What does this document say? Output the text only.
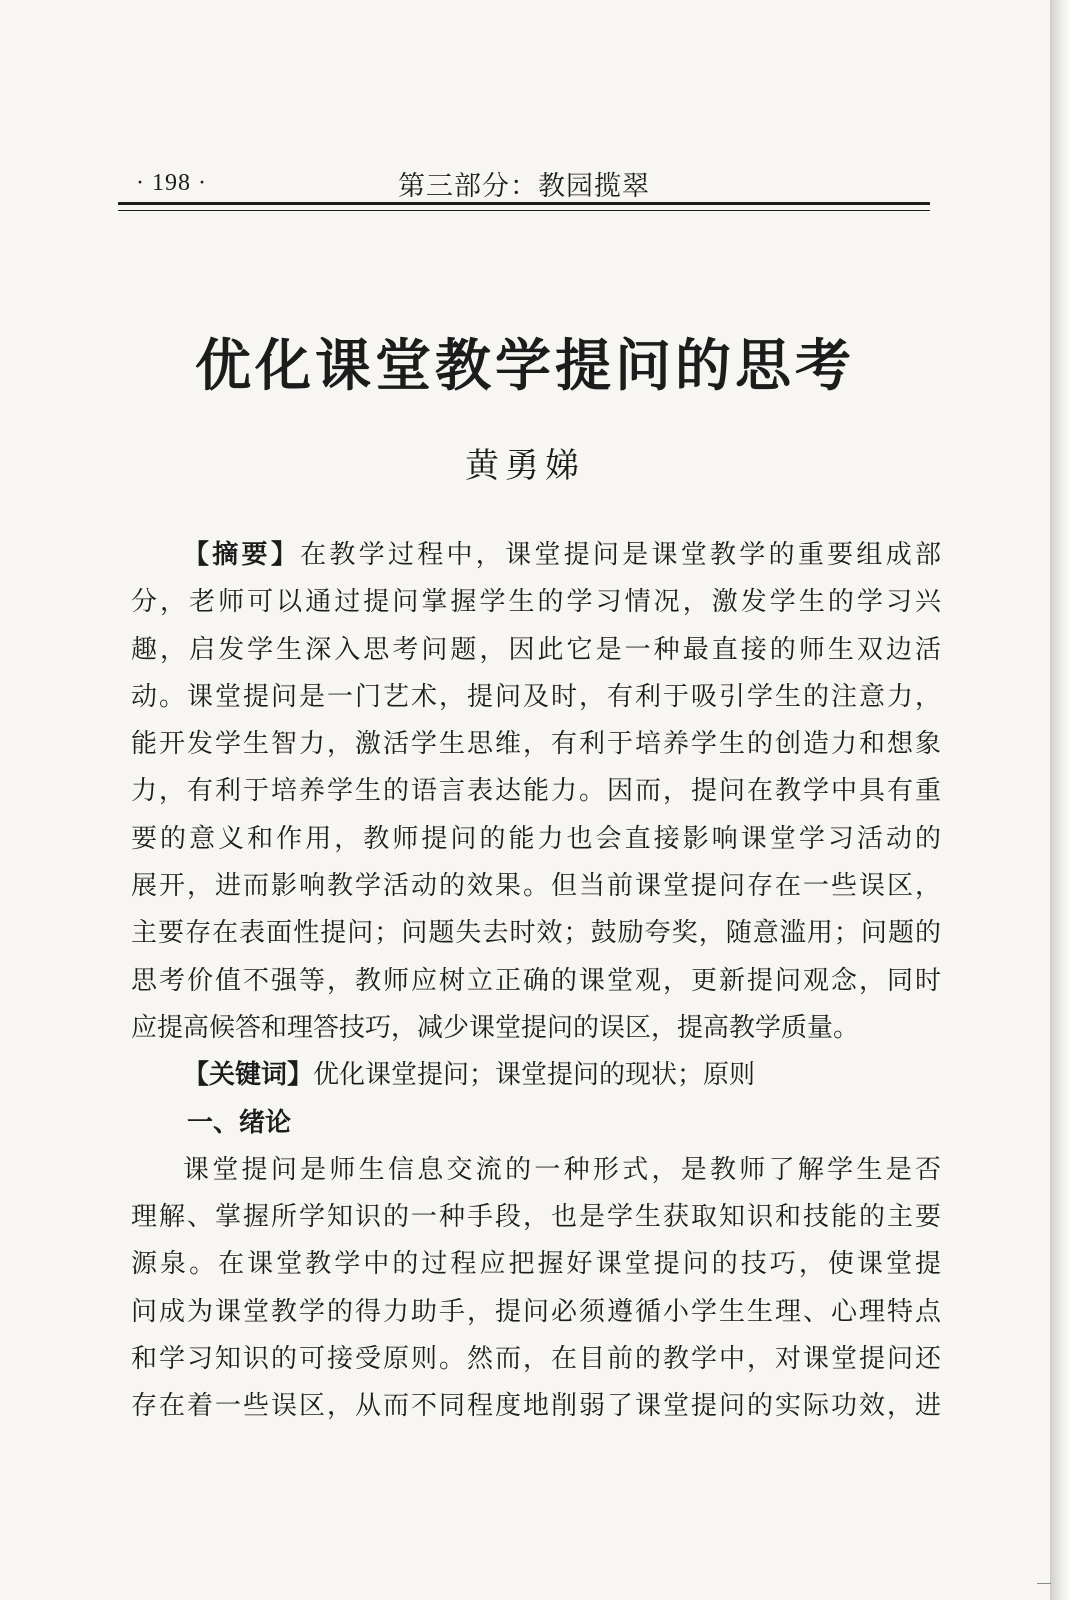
· 198 ·	第三部分：教园揽翠
优化课堂教学提问的思考
黄勇娣
【摘要】在教学过程中，课堂提问是课堂教学的重要组成部
分，老师可以通过提问掌握学生的学习情况，激发学生的学习兴
趣，启发学生深入思考问题，因此它是一种最直接的师生双边活
动。课堂提问是一门艺术，提问及时，有利于吸引学生的注意力，
能开发学生智力，激活学生思维，有利于培养学生的创造力和想象
力，有利于培养学生的语言表达能力。因而，提问在教学中具有重
要的意义和作用，教师提问的能力也会直接影响课堂学习活动的
展开，进而影响教学活动的效果。但当前课堂提问存在一些误区，
主要存在表面性提问；问题失去时效；鼓励夸奖，随意滥用；问题的
思考价值不强等，教师应树立正确的课堂观，更新提问观念，同时
应提高候答和理答技巧，减少课堂提问的误区，提高教学质量。
【关键词】优化课堂提问；课堂提问的现状；原则
一、绪论
课堂提问是师生信息交流的一种形式，是教师了解学生是否
理解、掌握所学知识的一种手段，也是学生获取知识和技能的主要
源泉。在课堂教学中的过程应把握好课堂提问的技巧，使课堂提
问成为课堂教学的得力助手，提问必须遵循小学生生理、心理特点
和学习知识的可接受原则。然而，在目前的教学中，对课堂提问还
存在着一些误区，从而不同程度地削弱了课堂提问的实际功效，进
